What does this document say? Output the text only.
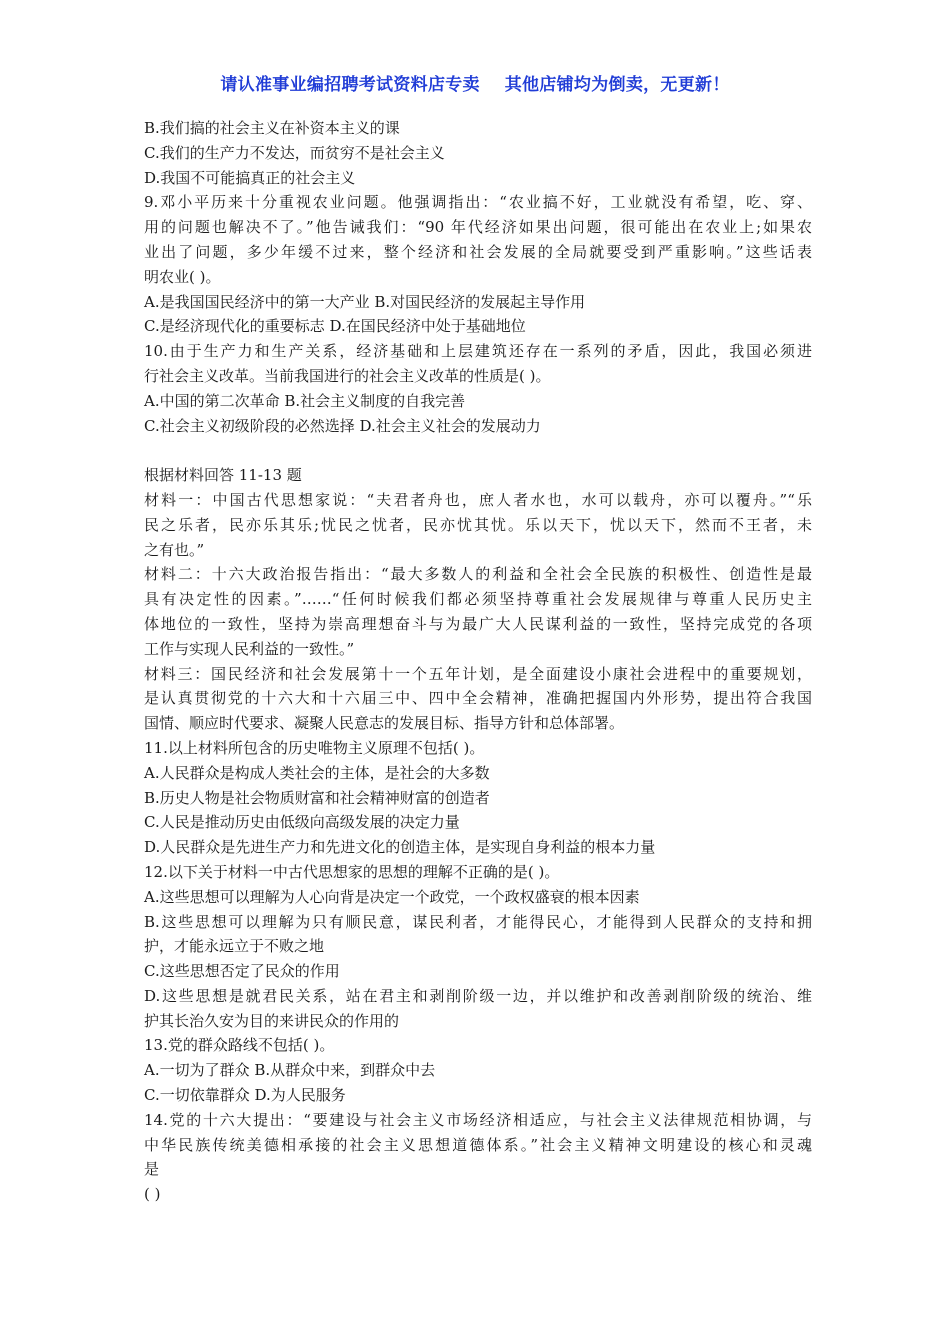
请认准事业编招聘考试资料店专卖    其他店铺均为倒卖，无更新！
B.我们搞的社会主义在补资本主义的课
C.我们的生产力不发达，而贫穷不是社会主义
D.我国不可能搞真正的社会主义
9.邓小平历来十分重视农业问题。他强调指出：“农业搞不好，工业就没有希望，吃、穿、
用的问题也解决不了。”他告诫我们：“90 年代经济如果出问题，很可能出在农业上;如果农
业出了问题，多少年缓不过来，整个经济和社会发展的全局就要受到严重影响。”这些话表
明农业( )。
A.是我国国民经济中的第一大产业 B.对国民经济的发展起主导作用
C.是经济现代化的重要标志 D.在国民经济中处于基础地位
10.由于生产力和生产关系，经济基础和上层建筑还存在一系列的矛盾，因此，我国必须进
行社会主义改革。当前我国进行的社会主义改革的性质是( )。
A.中国的第二次革命 B.社会主义制度的自我完善
C.社会主义初级阶段的必然选择 D.社会主义社会的发展动力
根据材料回答 11-13 题
材料一：中国古代思想家说：“夫君者舟也，庶人者水也，水可以载舟，亦可以覆舟。”“乐
民之乐者，民亦乐其乐;忧民之忧者，民亦忧其忧。乐以天下，忧以天下，然而不王者，未
之有也。”
材料二：十六大政治报告指出：“最大多数人的利益和全社会全民族的积极性、创造性是最
具有决定性的因素。”……“任何时候我们都必须坚持尊重社会发展规律与尊重人民历史主
体地位的一致性，坚持为崇高理想奋斗与为最广大人民谋利益的一致性，坚持完成党的各项
工作与实现人民利益的一致性。”
材料三：国民经济和社会发展第十一个五年计划，是全面建设小康社会进程中的重要规划，
是认真贯彻党的十六大和十六届三中、四中全会精神，准确把握国内外形势，提出符合我国
国情、顺应时代要求、凝聚人民意志的发展目标、指导方针和总体部署。
11.以上材料所包含的历史唯物主义原理不包括( )。
A.人民群众是构成人类社会的主体，是社会的大多数
B.历史人物是社会物质财富和社会精神财富的创造者
C.人民是推动历史由低级向高级发展的决定力量
D.人民群众是先进生产力和先进文化的创造主体，是实现自身利益的根本力量
12.以下关于材料一中古代思想家的思想的理解不正确的是( )。
A.这些思想可以理解为人心向背是决定一个政党，一个政权盛衰的根本因素
B.这些思想可以理解为只有顺民意，谋民利者，才能得民心，才能得到人民群众的支持和拥
护，才能永远立于不败之地
C.这些思想否定了民众的作用
D.这些思想是就君民关系，站在君主和剥削阶级一边，并以维护和改善剥削阶级的统治、维
护其长治久安为目的来讲民众的作用的
13.党的群众路线不包括( )。
A.一切为了群众 B.从群众中来，到群众中去
C.一切依靠群众 D.为人民服务
14.党的十六大提出：“要建设与社会主义市场经济相适应，与社会主义法律规范相协调，与
中华民族传统美德相承接的社会主义思想道德体系。”社会主义精神文明建设的核心和灵魂
是
( )
